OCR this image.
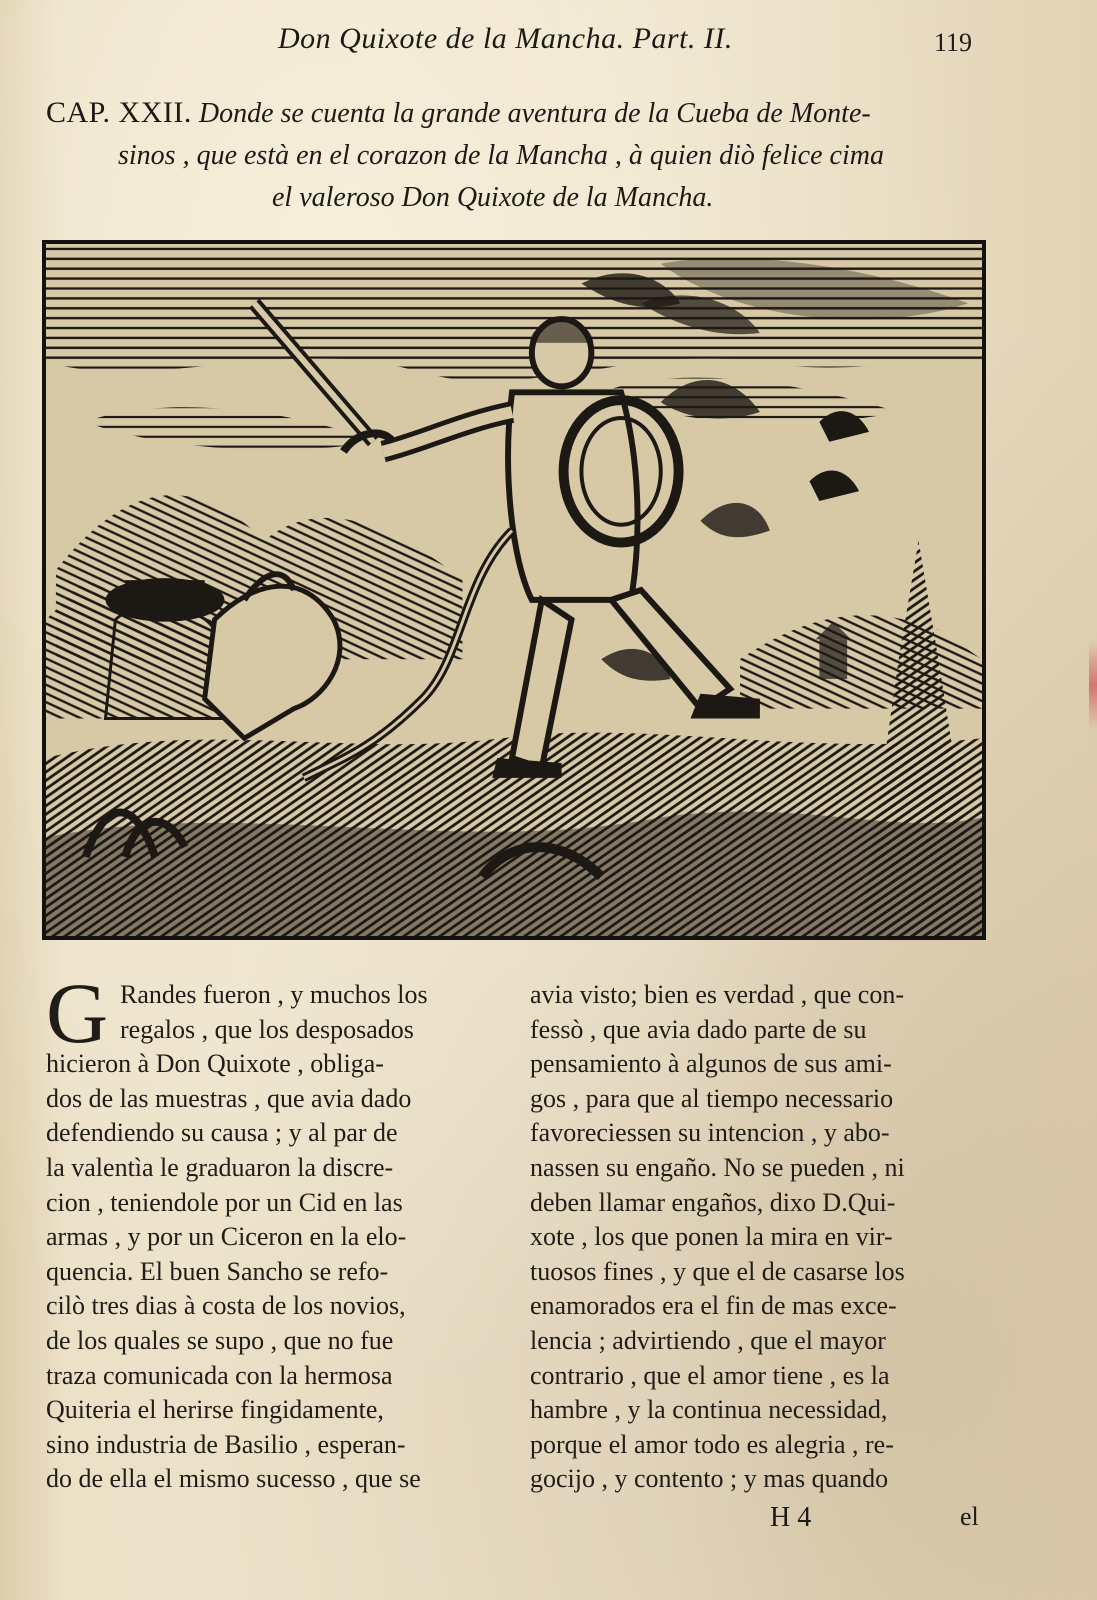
Don Quixote de la Mancha. Part. II.	119
CAP. XXII. Donde se cuenta la grande aventura de la Cueba de Monte-
sinos , que està en el corazon de la Mancha , à quien diò felice cima
el valeroso Don Quixote de la Mancha.
G Randes fueron , y muchos los
regalos , que los desposados
hicieron à Don Quixote , obliga-
dos de las muestras , que avia dado
defendiendo su causa ; y al par de
la valentìa le graduaron la discre-
cion , teniendole por un Cid en las
armas , y por un Ciceron en la elo-
quencia. El buen Sancho se refo-
cilò tres dias à costa de los novios,
de los quales se supo , que no fue
traza comunicada con la hermosa
Quiteria el herirse fingidamente,
sino industria de Basilio , esperan-
do de ella el mismo sucesso , que se
avia visto; bien es verdad , que con-
fessò , que avia dado parte de su
pensamiento à algunos de sus ami-
gos , para que al tiempo necessario
favoreciessen su intencion , y abo-
nassen su engaño. No se pueden , ni
deben llamar engaños, dixo D.Qui-
xote , los que ponen la mira en vir-
tuosos fines , y que el de casarse los
enamorados era el fin de mas exce-
lencia ; advirtiendo , que el mayor
contrario , que el amor tiene , es la
hambre , y la continua necessidad,
porque el amor todo es alegria , re-
gocijo , y contento ; y mas quando
H 4	el
